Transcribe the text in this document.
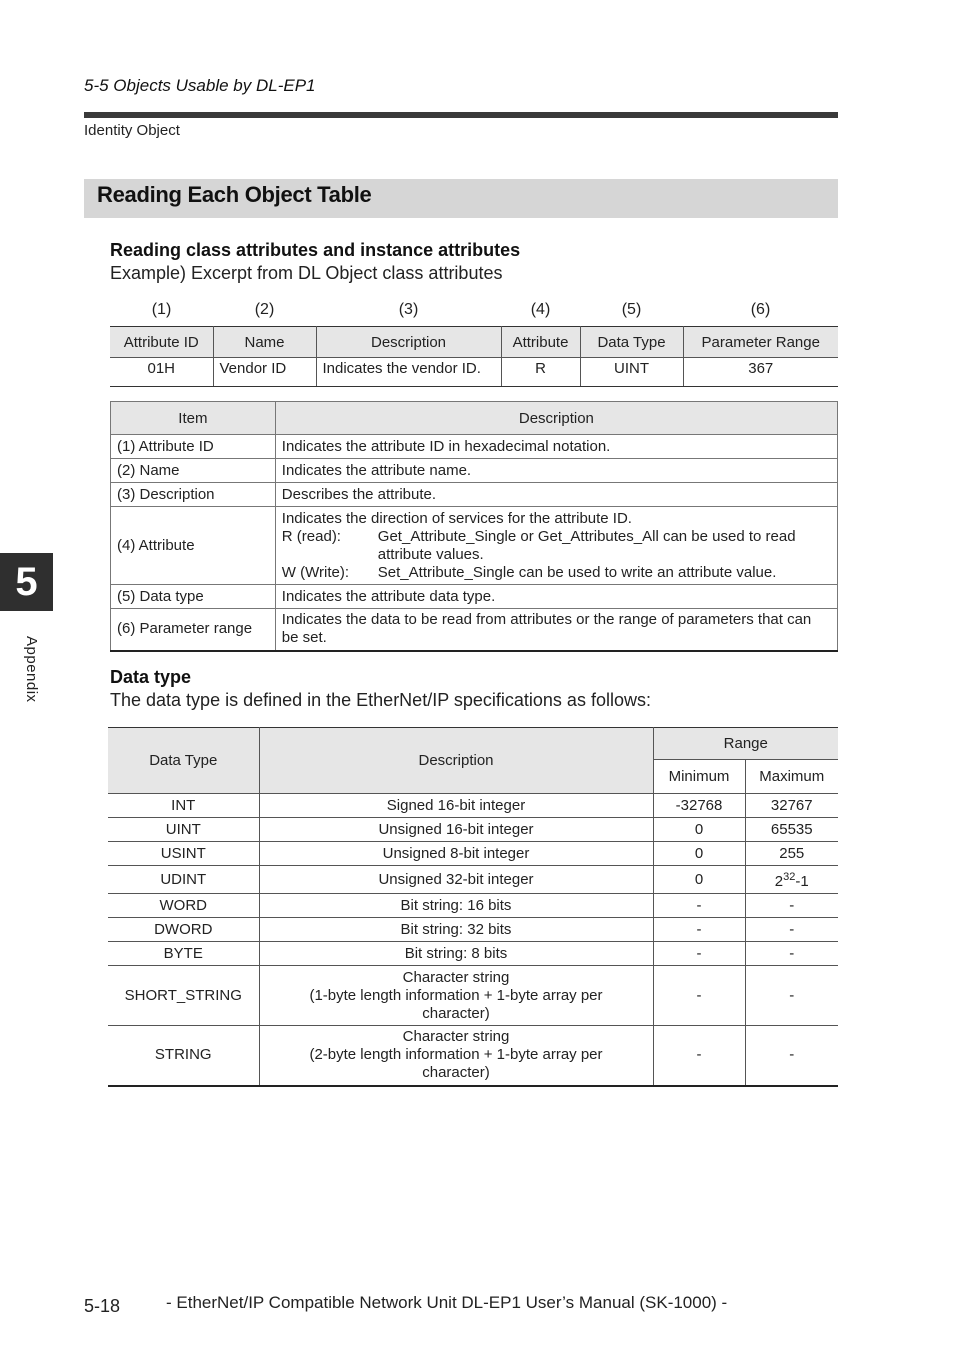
5-5 Objects Usable by DL-EP1
Identity Object
Reading Each Object Table
Reading class attributes and instance attributes
Example) Excerpt from DL Object class attributes
(1)	(2)	(3)	(4)	(5)	(6)
Attribute ID	Name	Description	Attribute	Data Type	Parameter Range
01H	Vendor ID	Indicates the vendor ID.	R	UINT	367
Item	Description
(1) Attribute ID	Indicates the attribute ID in hexadecimal notation.
(2) Name	Indicates the attribute name.
(3) Description	Describes the attribute.
(4) Attribute	Indicates the direction of services for the attribute ID.
R (read): Get_Attribute_Single or Get_Attributes_All can be used to read attribute values.
W (Write): Set_Attribute_Single can be used to write an attribute value.

(5) Data type	Indicates the attribute data type.
(6) Parameter range	Indicates the data to be read from attributes or the range of parameters that can be set.
Data type
The data type is defined in the EtherNet/IP specifications as follows:
Data Type	Description	Range	
		Minimum	Maximum
INT	Signed 16-bit integer	-32768	32767
UINT	Unsigned 16-bit integer	0	65535
USINT	Unsigned 8-bit integer	0	255
UDINT	Unsigned 32-bit integer	0	$2^{32}-1$
WORD	Bit string: 16 bits	-	-
DWORD	Bit string: 32 bits	-	-
BYTE	Bit string: 8 bits	-	-
SHORT_STRING	Character string
(1-byte length information + 1-byte array per
character)	-	-
STRING	Character string
(2-byte length information + 1-byte array per
character)	-	-
5
Appendix
5-18	- EtherNet/IP Compatible Network Unit DL-EP1 User’s Manual (SK-1000) -
